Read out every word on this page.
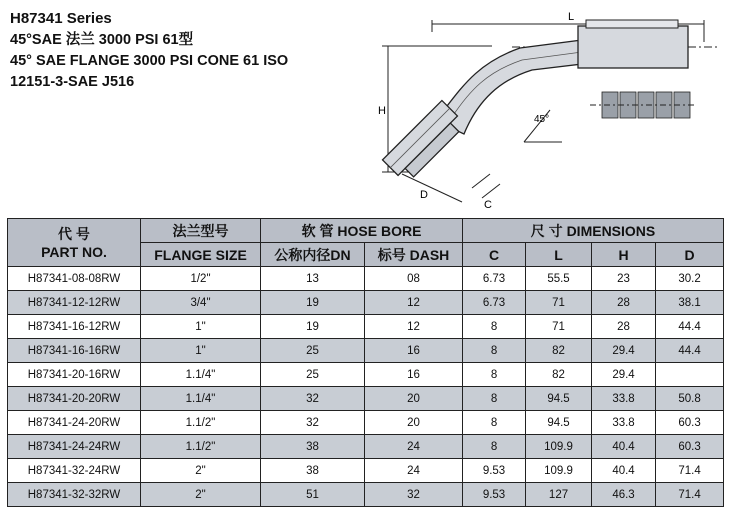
H87341 Series
45°SAE 法兰 3000 PSI 61型
45° SAE FLANGE 3000 PSI CONE 61 ISO
12151-3-SAE J516
L
H
D
C
45°
代 号
PART NO.	法兰型号	软 管 HOSE BORE		尺 寸 DIMENSIONS			
	FLANGE SIZE	公称内径DN	标号 DASH	C	L	H	D
H87341-08-08RW	1/2"	13	08	6.73	55.5	23	30.2
H87341-12-12RW	3/4"	19	12	6.73	71	28	38.1
H87341-16-12RW	1"	19	12	8	71	28	44.4
H87341-16-16RW	1"	25	16	8	82	29.4	44.4
H87341-20-16RW	1.1/4"	25	16	8	82	29.4	
H87341-20-20RW	1.1/4"	32	20	8	94.5	33.8	50.8
H87341-24-20RW	1.1/2"	32	20	8	94.5	33.8	60.3
H87341-24-24RW	1.1/2"	38	24	8	109.9	40.4	60.3
H87341-32-24RW	2"	38	24	9.53	109.9	40.4	71.4
H87341-32-32RW	2"	51	32	9.53	127	46.3	71.4
